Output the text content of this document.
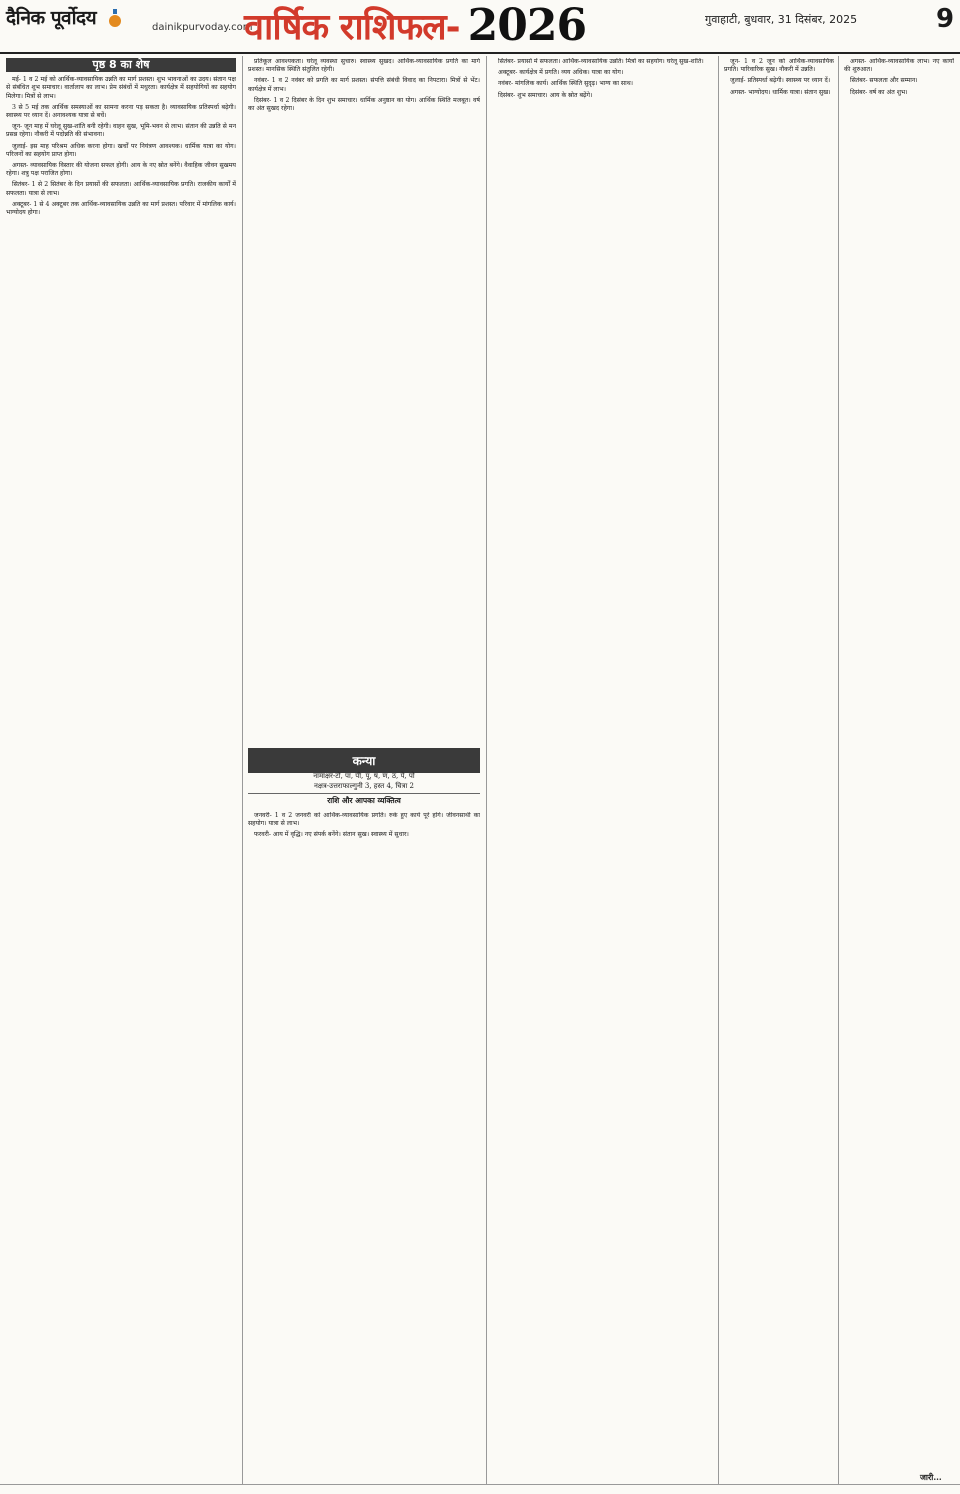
दैनिक पूर्वोदय	dainikpurvoday.com
वार्षिक राशिफल- 2026	गुवाहाटी, बुधवार, 31 दिसंबर, 2025	9
पृष्ठ 8 का शेष

मई- 1 व 2 मई को आर्थिक-व्यावसायिक उन्नति का मार्ग प्रशस्त। शुभ भावनाओं का उदय। संतान पक्ष से संबंधित शुभ समाचार। वार्तालाप का लाभ। प्रेम संबंधों में मधुरता। कार्यक्षेत्र में सहयोगियों का सहयोग मिलेगा। मित्रों से लाभ।

3 से 5 मई तक आर्थिक समस्याओं का सामना करना पड़ सकता है। व्यावसायिक प्रतिस्पर्धा बढ़ेगी। स्वास्थ्य पर ध्यान दें। अनावश्यक यात्रा से बचें।

जून- जून माह में घरेलू सुख-शांति बनी रहेगी। वाहन सुख, भूमि-भवन से लाभ। संतान की उन्नति से मन प्रसन्न रहेगा। नौकरी में पदोन्नति की संभावना।

जुलाई- इस माह परिश्रम अधिक करना होगा। खर्चों पर नियंत्रण आवश्यक। धार्मिक यात्रा का योग। परिजनों का सहयोग प्राप्त होगा।

अगस्त- व्यावसायिक विस्तार की योजना सफल होगी। आय के नए स्रोत बनेंगे। वैवाहिक जीवन सुखमय रहेगा। शत्रु पक्ष पराजित होगा।

सितंबर- 1 से 2 सितंबर के दिन प्रयासों की सफलता। आर्थिक-व्यावसायिक प्रगति। राजकीय कार्यों में सफलता। यात्रा से लाभ।

अक्टूबर- 1 से 4 अक्टूबर तक आर्थिक-व्यावसायिक उन्नति का मार्ग प्रशस्त। परिवार में मांगलिक कार्य। भाग्योदय होगा।

प्रतिकूल आवश्यकता। घरेलू व्यवस्था सुचारु। स्वास्थ्य सुखद। आर्थिक-व्यावसायिक प्रगति का मार्ग प्रशस्त। मानसिक स्थिति संतुलित रहेगी।

नवंबर- 1 व 2 नवंबर को प्रगति का मार्ग प्रशस्त। संपत्ति संबंधी विवाद का निपटारा। मित्रों से भेंट। कार्यक्षेत्र में लाभ।

दिसंबर- 1 व 2 दिसंबर के दिन शुभ समाचार। धार्मिक अनुष्ठान का योग। आर्थिक स्थिति मजबूत। वर्ष का अंत सुखद रहेगा।

कन्या
नामाक्षर-टो, पा, पी, पू, ष, ण, ठ, पे, पो
नक्षत्र-उत्तराफाल्गुनी 3, हस्त 4, चित्रा 2
राशि और आपका व्यक्तित्व

जनवरी- 1 व 2 जनवरी को आर्थिक-व्यावसायिक प्रगति। रुके हुए कार्य पूरे होंगे। जीवनसाथी का सहयोग। यात्रा से लाभ।

फरवरी- आय में वृद्धि। नए संपर्क बनेंगे। संतान सुख। स्वास्थ्य में सुधार।

सितंबर- प्रयासों में सफलता। आर्थिक-व्यावसायिक उन्नति। मित्रों का सहयोग। घरेलू सुख-शांति।

अक्टूबर- कार्यक्षेत्र में प्रगति। व्यय अधिक। यात्रा का योग।

नवंबर- मांगलिक कार्य। आर्थिक स्थिति सुदृढ़। भाग्य का साथ।

दिसंबर- शुभ समाचार। आय के स्रोत बढ़ेंगे।

जून- 1 व 2 जून को आर्थिक-व्यावसायिक प्रगति। पारिवारिक सुख। नौकरी में उन्नति।

जुलाई- प्रतिस्पर्धा बढ़ेगी। स्वास्थ्य पर ध्यान दें।

अगस्त- भाग्योदय। धार्मिक यात्रा। संतान सुख।

अगस्त- आर्थिक-व्यावसायिक लाभ। नए कार्यों की शुरुआत।

सितंबर- सफलता और सम्मान।

दिसंबर- वर्ष का अंत शुभ।

जारी...
